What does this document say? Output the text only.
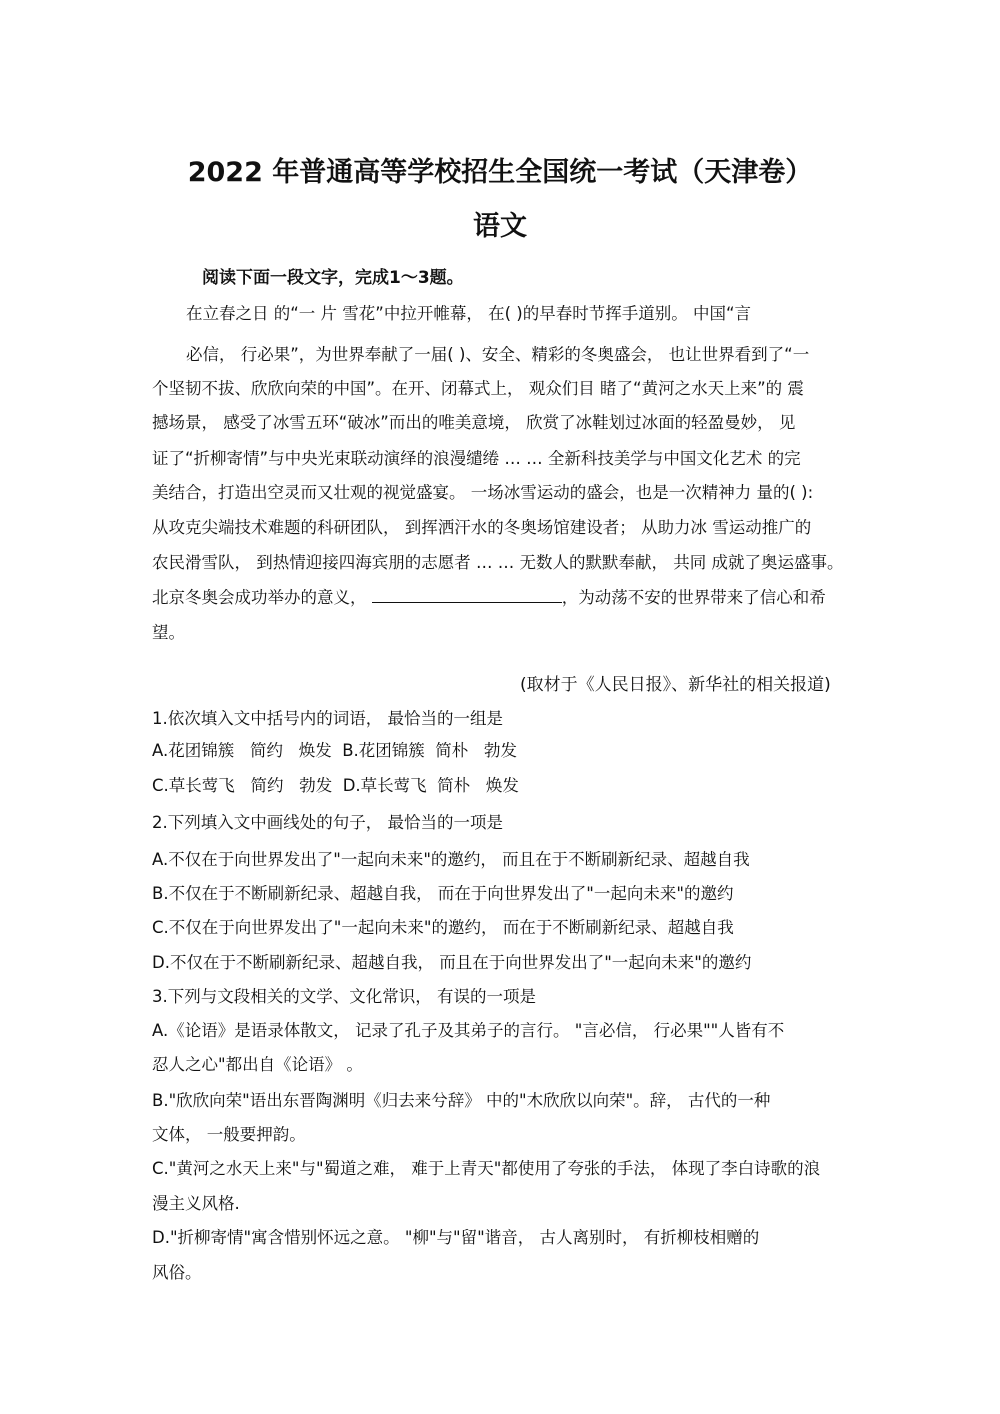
2022 年普通高等学校招生全国统一考试（天津卷）
语文
阅读下面一段文字，完成1～3题。
在立春之日 的“一 片 雪花”中拉开帷幕， 在( )的早春时节挥手道别。 中国“言
必信， 行必果”，为世界奉献了一届( )、安全、精彩的冬奥盛会， 也让世界看到了“一
个坚韧不拔、欣欣向荣的中国”。在开、闭幕式上， 观众们目 睹了“黄河之水天上来”的 震
撼场景， 感受了冰雪五环“破冰”而出的唯美意境， 欣赏了冰鞋划过冰面的轻盈曼妙， 见
证了“折柳寄情”与中央光束联动演绎的浪漫缱绻 … … 全新科技美学与中国文化艺术 的完
美结合，打造出空灵而又壮观的视觉盛宴。 一场冰雪运动的盛会，也是一次精神力 量的( ):
从攻克尖端技术难题的科研团队， 到挥洒汗水的冬奥场馆建设者； 从助力冰 雪运动推广的
农民滑雪队， 到热情迎接四海宾朋的志愿者 … … 无数人的默默奉献， 共同 成就了奥运盛事。
北京冬奥会成功举办的意义，	，为动荡不安的世界带来了信心和希
望。
(取材于《人民日报》、新华社的相关报道)
1.依次填入文中括号内的词语， 最恰当的一组是
A.花团锦簇   简约   焕发  B.花团锦簇  简朴   勃发
C.草长莺飞   简约   勃发  D.草长莺飞  简朴   焕发
2.下列填入文中画线处的句子， 最恰当的一项是
A.不仅在于向世界发出了"一起向未来"的邀约， 而且在于不断刷新纪录、超越自我
B.不仅在于不断刷新纪录、超越自我， 而在于向世界发出了"一起向未来"的邀约
C.不仅在于向世界发出了"一起向未来"的邀约， 而在于不断刷新纪录、超越自我
D.不仅在于不断刷新纪录、超越自我， 而且在于向世界发出了"一起向未来"的邀约
3.下列与文段相关的文学、文化常识， 有误的一项是
A.《论语》是语录体散文， 记录了孔子及其弟子的言行。 "言必信， 行必果""人皆有不
忍人之心"都出自《论语》 。
B."欣欣向荣"语出东晋陶渊明《归去来兮辞》 中的"木欣欣以向荣"。辞， 古代的一种
文体， 一般要押韵。
C."黄河之水天上来"与"蜀道之难， 难于上青天"都使用了夸张的手法， 体现了李白诗歌的浪
漫主义风格.
D."折柳寄情"寓含惜别怀远之意。 "柳"与"留"谐音， 古人离别时， 有折柳枝相赠的
风俗。
